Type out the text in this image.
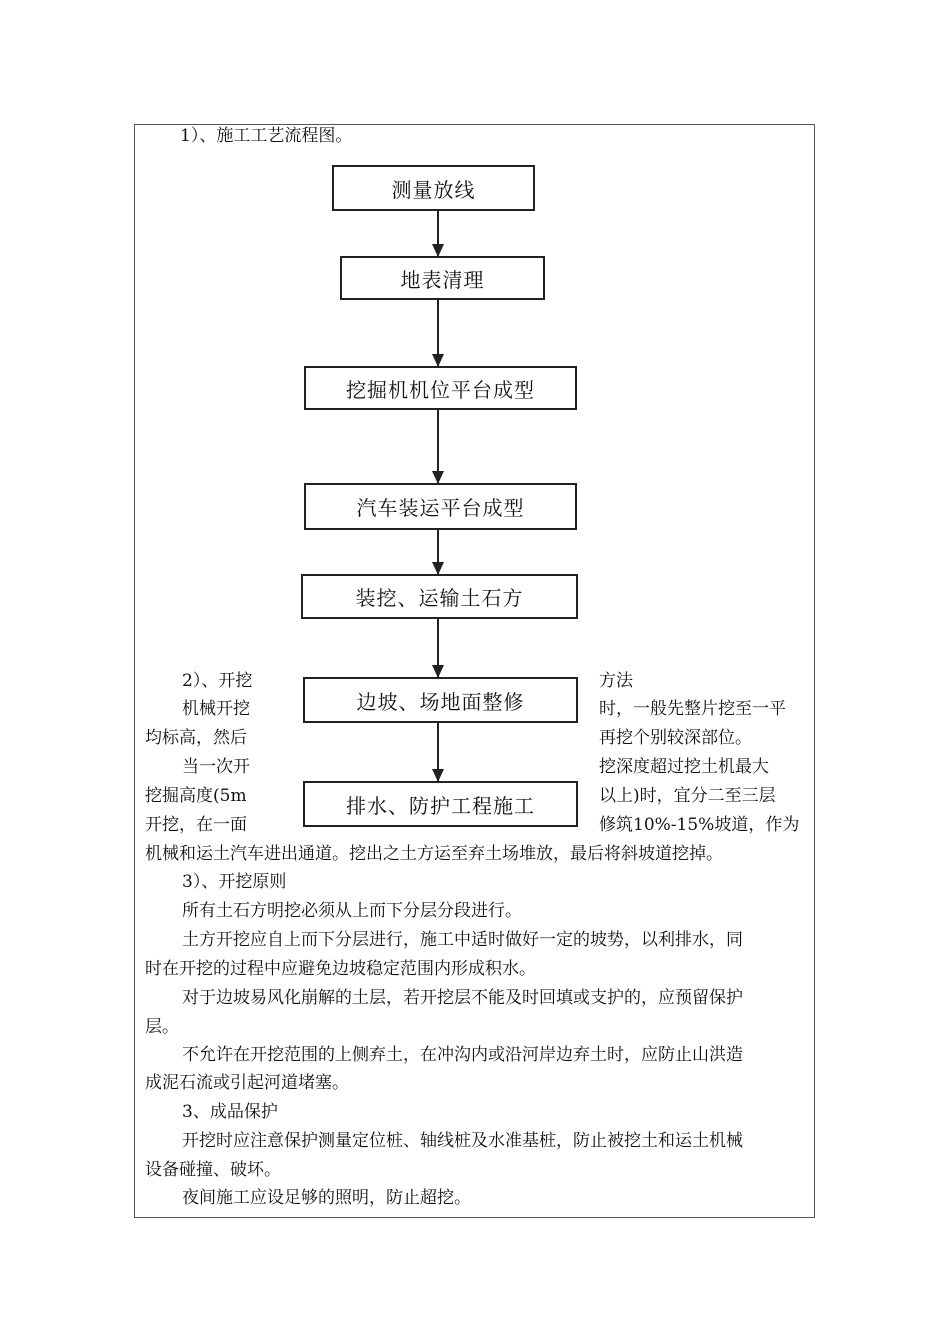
1）、施工工艺流程图。
测量放线
地表清理
挖掘机机位平台成型
汽车装运平台成型
装挖、运输土石方
边坡、场地面整修
排水、防护工程施工
2）、开挖	方法
机械开挖	时，一般先整片挖至一平
均标高，然后	再挖个别较深部位。
当一次开	挖深度超过挖土机最大
挖掘高度(5m	以上)时，宜分二至三层
开挖，在一面	修筑10%-15%坡道，作为
机械和运土汽车进出通道。挖出之土方运至弃土场堆放，最后将斜坡道挖掉。
3）、开挖原则
所有土石方明挖必须从上而下分层分段进行。
土方开挖应自上而下分层进行，施工中适时做好一定的坡势，以利排水，同
时在开挖的过程中应避免边坡稳定范围内形成积水。
对于边坡易风化崩解的土层，若开挖层不能及时回填或支护的，应预留保护
层。
不允许在开挖范围的上侧弃土，在冲沟内或沿河岸边弃土时，应防止山洪造
成泥石流或引起河道堵塞。
3、成品保护
开挖时应注意保护测量定位桩、轴线桩及水准基桩，防止被挖土和运土机械
设备碰撞、破坏。
夜间施工应设足够的照明，防止超挖。
